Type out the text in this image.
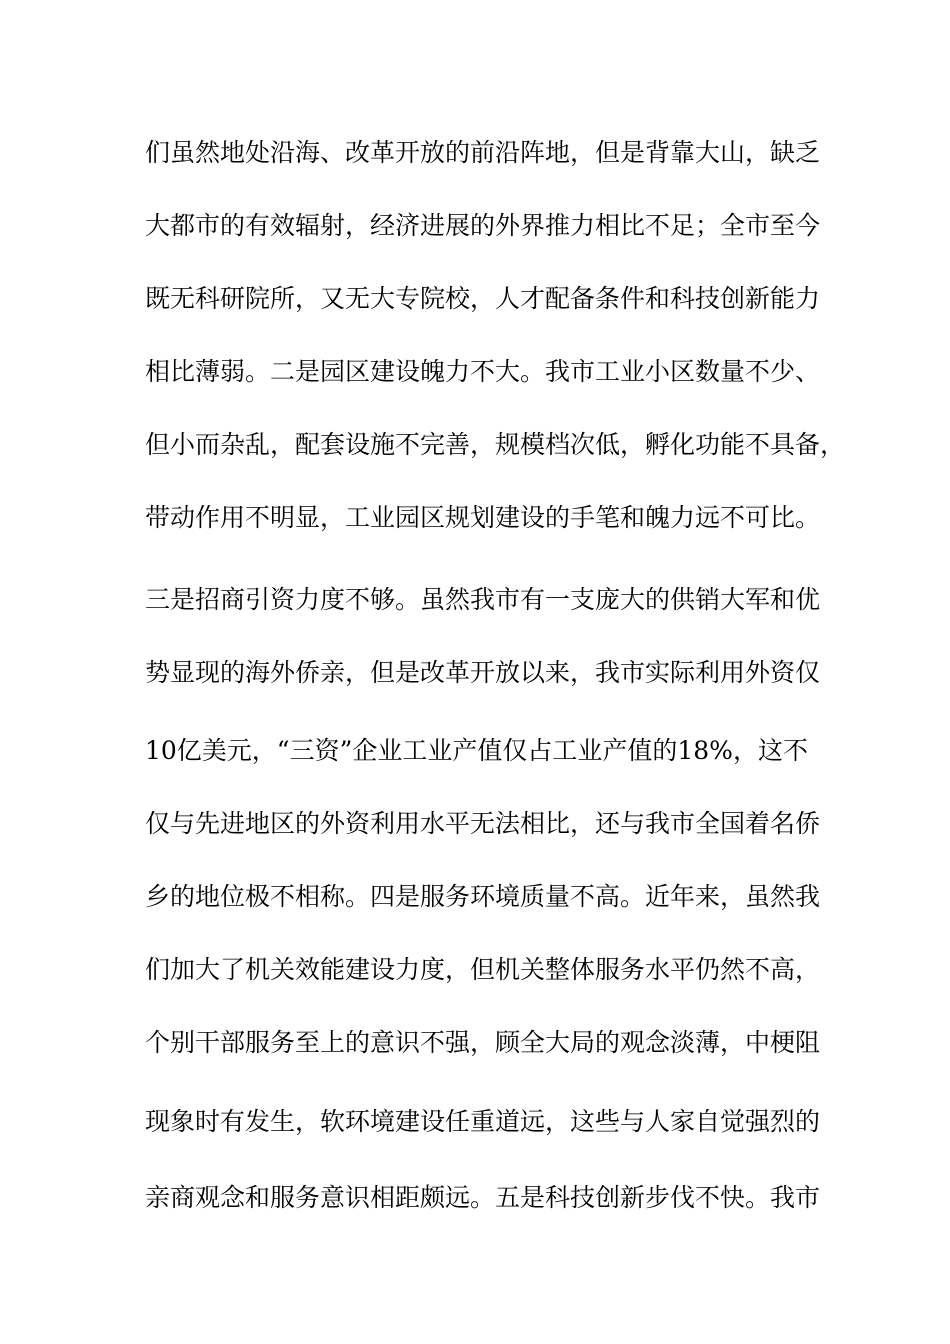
们虽然地处沿海、改革开放的前沿阵地，但是背靠大山，缺乏
大都市的有效辐射，经济进展的外界推力相比不足；全市至今
既无科研院所，又无大专院校，人才配备条件和科技创新能力
相比薄弱。二是园区建设魄力不大。我市工业小区数量不少、
但小而杂乱，配套设施不完善，规模档次低，孵化功能不具备，
带动作用不明显，工业园区规划建设的手笔和魄力远不可比。
三是招商引资力度不够。虽然我市有一支庞大的供销大军和优
势显现的海外侨亲，但是改革开放以来，我市实际利用外资仅
10亿美元，“三资”企业工业产值仅占工业产值的18%，这不
仅与先进地区的外资利用水平无法相比，还与我市全国着名侨
乡的地位极不相称。四是服务环境质量不高。近年来，虽然我
们加大了机关效能建设力度，但机关整体服务水平仍然不高，
个别干部服务至上的意识不强，顾全大局的观念淡薄，中梗阻
现象时有发生，软环境建设任重道远，这些与人家自觉强烈的
亲商观念和服务意识相距颇远。五是科技创新步伐不快。我市
